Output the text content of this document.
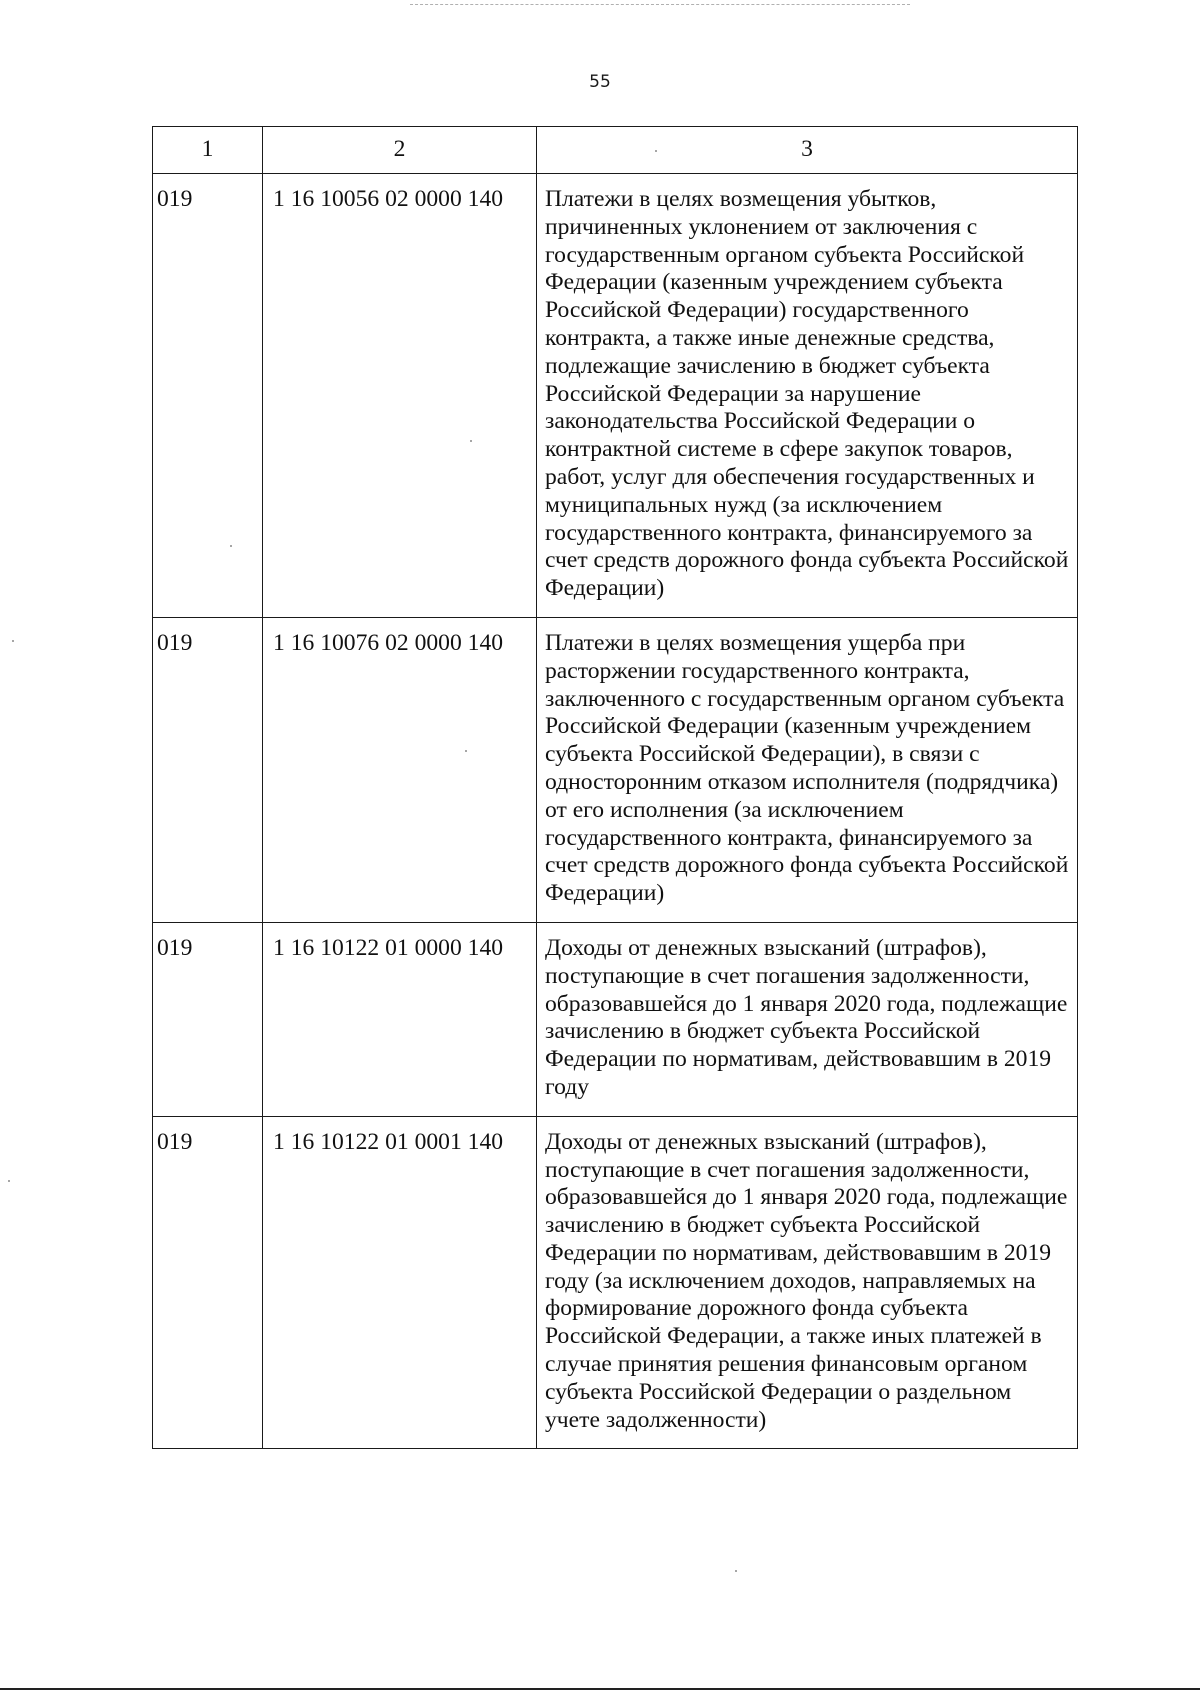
55
1	2	3
019	1 16 10056 02 0000 140	Платежи в целях возмещения убытков, причиненных уклонением от заключения с государственным органом субъекта Российской Федерации (казенным учреждением субъекта Российской Федерации) государственного контракта, а также иные денежные средства, подлежащие зачислению в бюджет субъекта Российской Федерации за нарушение законодательства Российской Федерации о контрактной системе в сфере закупок товаров, работ, услуг для обеспечения государственных и муниципальных нужд (за исключением государственного контракта, финансируемого за счет средств дорожного фонда субъекта Российской Федерации)
019	1 16 10076 02 0000 140	Платежи в целях возмещения ущерба при расторжении государственного контракта, заключенного с государственным органом субъекта Российской Федерации (казенным учреждением субъекта Российской Федерации), в связи с односторонним отказом исполнителя (подрядчика) от его исполнения (за исключением государственного контракта, финансируемого за счет средств дорожного фонда субъекта Российской Федерации)
019	1 16 10122 01 0000 140	Доходы от денежных взысканий (штрафов), поступающие в счет погашения задолженности, образовавшейся до 1 января 2020 года, подлежащие зачислению в бюджет субъекта Российской Федерации по нормативам, действовавшим в 2019 году
019	1 16 10122 01 0001 140	Доходы от денежных взысканий (штрафов), поступающие в счет погашения задолженности, образовавшейся до 1 января 2020 года, подлежащие зачислению в бюджет субъекта Российской Федерации по нормативам, действовавшим в 2019 году (за исключением доходов, направляемых на формирование дорожного фонда субъекта Российской Федерации, а также иных платежей в случае принятия решения финансовым органом субъекта Российской Федерации о раздельном учете задолженности)
